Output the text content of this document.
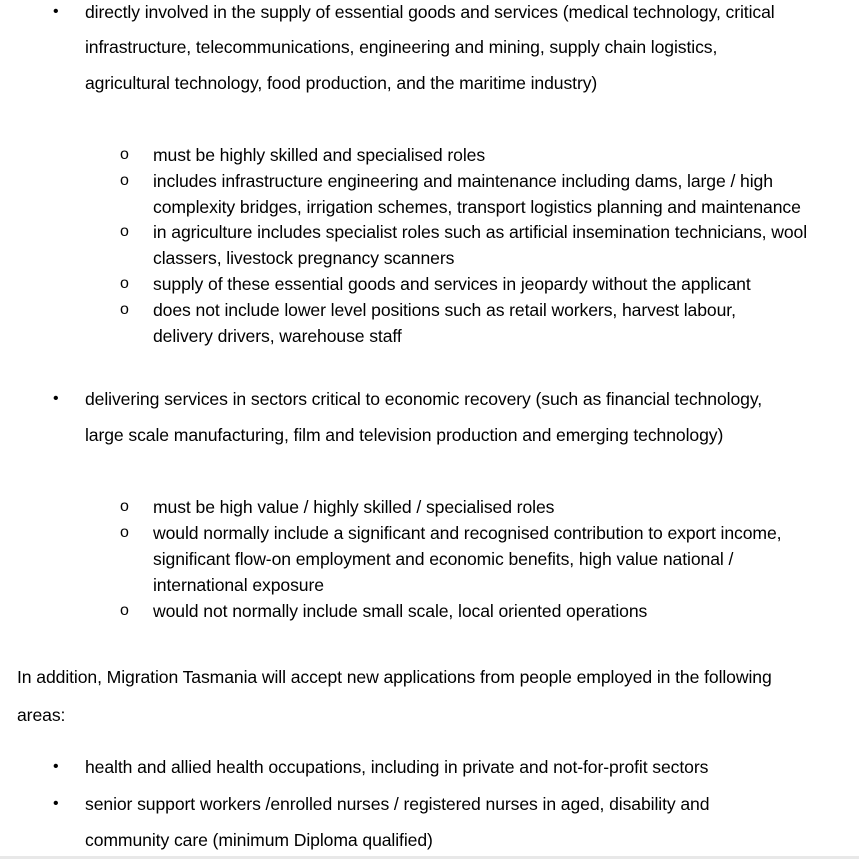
• directly involved in the supply of essential goods and services (medical technology, critical
infrastructure, telecommunications, engineering and mining, supply chain logistics,
agricultural technology, food production, and the maritime industry)
o must be highly skilled and specialised roles
o includes infrastructure engineering and maintenance including dams, large / high
complexity bridges, irrigation schemes, transport logistics planning and maintenance
o in agriculture includes specialist roles such as artificial insemination technicians, wool
classers, livestock pregnancy scanners
o supply of these essential goods and services in jeopardy without the applicant
o does not include lower level positions such as retail workers, harvest labour,
delivery drivers, warehouse staff
• delivering services in sectors critical to economic recovery (such as financial technology,
large scale manufacturing, film and television production and emerging technology)
o must be high value / highly skilled / specialised roles
o would normally include a significant and recognised contribution to export income,
significant flow-on employment and economic benefits, high value national /
international exposure
o would not normally include small scale, local oriented operations
In addition, Migration Tasmania will accept new applications from people employed in the following
areas:
• health and allied health occupations, including in private and not-for-profit sectors
• senior support workers /enrolled nurses / registered nurses in aged, disability and
community care (minimum Diploma qualified)
